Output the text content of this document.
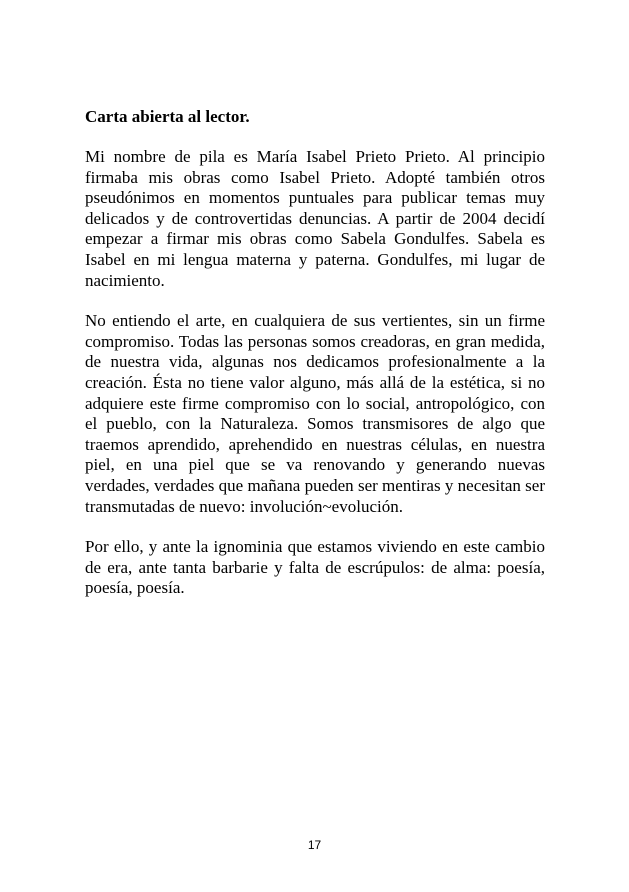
Carta abierta al lector.

Mi nombre de pila es María Isabel Prieto Prieto. Al principio firmaba mis obras como Isabel Prieto. Adopté también otros pseudónimos en momentos puntuales para publicar temas muy delicados y de controvertidas denuncias. A partir de 2004 decidí empezar a firmar mis obras como Sabela Gondulfes. Sabela es Isabel en mi lengua materna y paterna. Gondulfes, mi lugar de nacimiento.

No entiendo el arte, en cualquiera de sus vertientes, sin un firme compromiso. Todas las personas somos creadoras, en gran medida, de nuestra vida, algunas nos dedicamos profesionalmente a la creación. Ésta no tiene valor alguno, más allá de la estética, si no adquiere este firme compromiso con lo social, antropológico, con el pueblo, con la Naturaleza. Somos transmisores de algo que traemos aprendido, aprehendido en nuestras células, en nuestra piel, en una piel que se va renovando y generando nuevas verdades, verdades que mañana pueden ser mentiras y necesitan ser transmutadas de nuevo: involución~evolución.

Por ello, y ante la ignominia que estamos viviendo en este cambio de era, ante tanta barbarie y falta de escrúpulos: de alma: poesía, poesía, poesía.

17
